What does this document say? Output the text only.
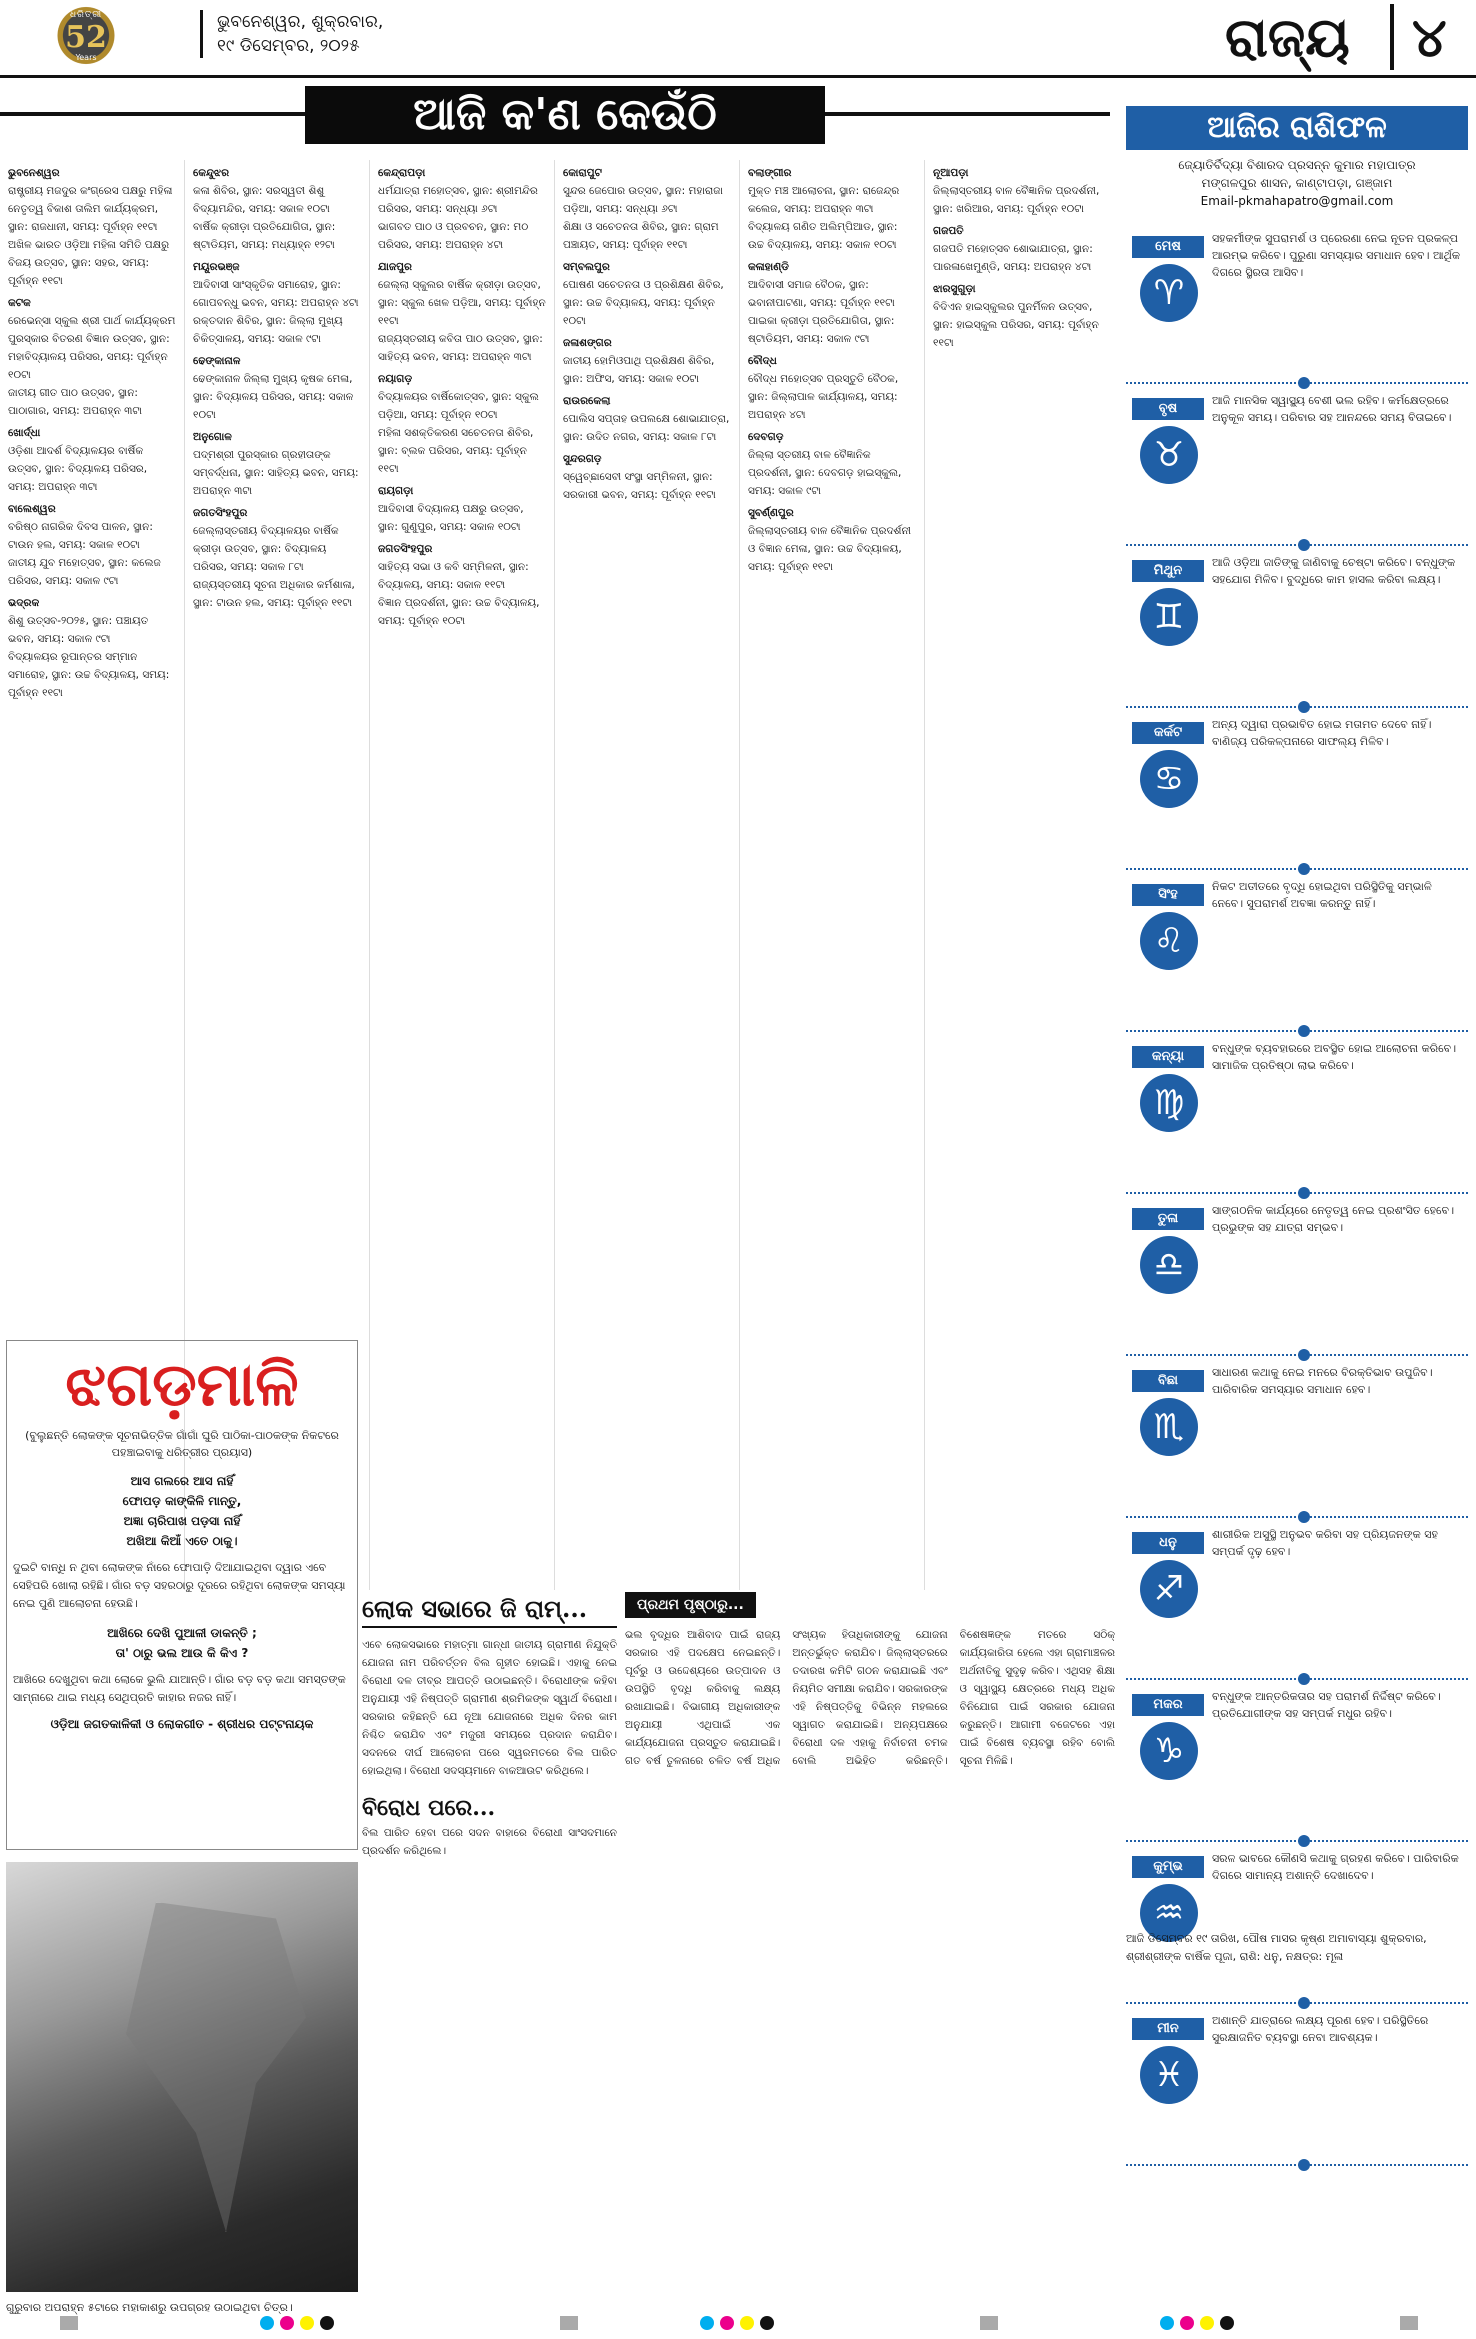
ଧରିତ୍ରୀ
52
Years
ଭୁବନେଶ୍ୱର, ଶୁକ୍ରବାର,
୧୯ ଡିସେମ୍ବର, ୨୦୨୫	ରାଜ୍ୟ	୪
ଆଜି କ'ଣ କେଉଁଠି
ଭୁବନେଶ୍ୱର
ରାଷ୍ଟ୍ରୀୟ ମଜଦୁର କଂଗ୍ରେସ ପକ୍ଷରୁ ମହିଳା ନେତୃତ୍ୱ ବିକାଶ ତାଲିମ କାର୍ଯ୍ୟକ୍ରମ, ସ୍ଥାନ: ରାଜଧାନୀ, ସମୟ: ପୂର୍ବାହ୍ନ ୧୧ଟା
ଅଖିଳ ଭାରତ ଓଡ଼ିଆ ମହିଳା ସମିତି ପକ୍ଷରୁ ବିଜୟ ଉତ୍ସବ, ସ୍ଥାନ: ସହର, ସମୟ: ପୂର୍ବାହ୍ନ ୧୧ଟା
କଟକ
ରେଭେନ୍ସା ସ୍କୁଲ ଶ୍ରୀ ପାର୍ଥ କାର୍ଯ୍ୟକ୍ରମ ପୁରସ୍କାର ବିତରଣ ବିଜ୍ଞାନ ଉତ୍ସବ, ସ୍ଥାନ: ମହାବିଦ୍ୟାଳୟ ପରିସର, ସମୟ: ପୂର୍ବାହ୍ନ ୧୦ଟା
ଜାତୀୟ ଗୀତ ପାଠ ଉତ୍ସବ, ସ୍ଥାନ: ପାଠାଗାର, ସମୟ: ଅପରାହ୍ନ ୩ଟା
ଖୋର୍ଦ୍ଧା
ଓଡ଼ିଶା ଆଦର୍ଶ ବିଦ୍ୟାଳୟର ବାର୍ଷିକ ଉତ୍ସବ, ସ୍ଥାନ: ବିଦ୍ୟାଳୟ ପରିସର, ସମୟ: ଅପରାହ୍ନ ୩ଟା
ବାଲେଶ୍ୱର
ବରିଷ୍ଠ ନାଗରିକ ଦିବସ ପାଳନ, ସ୍ଥାନ: ଟାଉନ ହଲ, ସମୟ: ସକାଳ ୧୦ଟା
ଜାତୀୟ ଯୁବ ମହୋତ୍ସବ, ସ୍ଥାନ: କଲେଜ ପରିସର, ସମୟ: ସକାଳ ୯ଟା
ଭଦ୍ରକ
ଶିଶୁ ଉତ୍ସବ-୨୦୨୫, ସ୍ଥାନ: ପଞ୍ଚାୟତ ଭବନ, ସମୟ: ସକାଳ ୯ଟା
ବିଦ୍ୟାଳୟର ରୂପାନ୍ତର ସମ୍ମାନ ସମାରୋହ, ସ୍ଥାନ: ଉଚ୍ଚ ବିଦ୍ୟାଳୟ, ସମୟ: ପୂର୍ବାହ୍ନ ୧୧ଟା
କେନ୍ଦୁଝର
କଳା ଶିବିର, ସ୍ଥାନ: ସରସ୍ୱତୀ ଶିଶୁ ବିଦ୍ୟାମନ୍ଦିର, ସମୟ: ସକାଳ ୧୦ଟା
ବାର୍ଷିକ କ୍ରୀଡ଼ା ପ୍ରତିଯୋଗିତା, ସ୍ଥାନ: ଷ୍ଟାଡିୟମ, ସମୟ: ମଧ୍ୟାହ୍ନ ୧୨ଟା
ମୟୂରଭଞ୍ଜ
ଆଦିବାସୀ ସାଂସ୍କୃତିକ ସମାରୋହ, ସ୍ଥାନ: ଗୋପବନ୍ଧୁ ଭବନ, ସମୟ: ଅପରାହ୍ନ ୪ଟା
ରକ୍ତଦାନ ଶିବିର, ସ୍ଥାନ: ଜିଲ୍ଲା ମୁଖ୍ୟ ଚିକିତ୍ସାଳୟ, ସମୟ: ସକାଳ ୯ଟା
ଢେଙ୍କାନାଳ
ଢେଙ୍କାନାଳ ଜିଲ୍ଲା ମୁଖ୍ୟ କୃଷକ ମେଳା, ସ୍ଥାନ: ବିଦ୍ୟାଳୟ ପରିସର, ସମୟ: ସକାଳ ୧୦ଟା
ଅନୁଗୋଳ
ପଦ୍ମଶ୍ରୀ ପୁରସ୍କାର ଗ୍ରହୀତାଙ୍କ ସମ୍ବର୍ଦ୍ଧନା, ସ୍ଥାନ: ସାହିତ୍ୟ ଭବନ, ସମୟ: ଅପରାହ୍ନ ୩ଟା
ଜଗତସିଂହପୁର
ଜେଲ୍ଲାସ୍ତରୀୟ ବିଦ୍ୟାଳୟର ବାର୍ଷିକ କ୍ରୀଡ଼ା ଉତ୍ସବ, ସ୍ଥାନ: ବିଦ୍ୟାଳୟ ପରିସର, ସମୟ: ସକାଳ ୮ଟା
ରାଜ୍ୟସ୍ତରୀୟ ସୂଚନା ଅଧିକାର କର୍ମଶାଳା, ସ୍ଥାନ: ଟାଉନ ହଲ, ସମୟ: ପୂର୍ବାହ୍ନ ୧୧ଟା
କେନ୍ଦ୍ରାପଡ଼ା
ଧର୍ମଯାତ୍ରା ମହୋତ୍ସବ, ସ୍ଥାନ: ଶ୍ରୀମନ୍ଦିର ପରିସର, ସମୟ: ସନ୍ଧ୍ୟା ୬ଟା
ଭାଗବତ ପାଠ ଓ ପ୍ରବଚନ, ସ୍ଥାନ: ମଠ ପରିସର, ସମୟ: ଅପରାହ୍ନ ୪ଟା
ଯାଜପୁର
ଜେଲ୍ଲା ସ୍କୁଲର ବାର୍ଷିକ କ୍ରୀଡ଼ା ଉତ୍ସବ, ସ୍ଥାନ: ସ୍କୁଲ ଖେଳ ପଡ଼ିଆ, ସମୟ: ପୂର୍ବାହ୍ନ ୧୧ଟା
ରାଜ୍ୟସ୍ତରୀୟ କବିତା ପାଠ ଉତ୍ସବ, ସ୍ଥାନ: ସାହିତ୍ୟ ଭବନ, ସମୟ: ଅପରାହ୍ନ ୩ଟା
ନୟାଗଡ଼
ବିଦ୍ୟାଳୟର ବାର୍ଷିକୋତ୍ସବ, ସ୍ଥାନ: ସ୍କୁଲ ପଡ଼ିଆ, ସମୟ: ପୂର୍ବାହ୍ନ ୧୦ଟା
ମହିଳା ସଶକ୍ତିକରଣ ସଚେତନତା ଶିବିର, ସ୍ଥାନ: ବ୍ଲକ ପରିସର, ସମୟ: ପୂର୍ବାହ୍ନ ୧୧ଟା
ରାୟଗଡ଼ା
ଆଦିବାସୀ ବିଦ୍ୟାଳୟ ପକ୍ଷରୁ ଉତ୍ସବ, ସ୍ଥାନ: ଗୁଣୁପୁର, ସମୟ: ସକାଳ ୧୦ଟା
ଜଗତସିଂହପୁର
ସାହିତ୍ୟ ସଭା ଓ କବି ସମ୍ମିଳନୀ, ସ୍ଥାନ: ବିଦ୍ୟାଳୟ, ସମୟ: ସକାଳ ୧୧ଟା
ବିଜ୍ଞାନ ପ୍ରଦର୍ଶନୀ, ସ୍ଥାନ: ଉଚ୍ଚ ବିଦ୍ୟାଳୟ, ସମୟ: ପୂର୍ବାହ୍ନ ୧୦ଟା
କୋରାପୁଟ
ସୁନ୍ଦର ଜେପୋର ଉତ୍ସବ, ସ୍ଥାନ: ମହାରାଜା ପଡ଼ିଆ, ସମୟ: ସନ୍ଧ୍ୟା ୬ଟା
ଶିକ୍ଷା ଓ ସଚେତନତା ଶିବିର, ସ୍ଥାନ: ଗ୍ରାମ ପଞ୍ଚାୟତ, ସମୟ: ପୂର୍ବାହ୍ନ ୧୧ଟା
ସମ୍ବଲପୁର
ପୋଷଣ ସଚେତନତା ଓ ପ୍ରଶିକ୍ଷଣ ଶିବିର, ସ୍ଥାନ: ଉଚ୍ଚ ବିଦ୍ୟାଳୟ, ସମୟ: ପୂର୍ବାହ୍ନ ୧୦ଟା
ଜଳାଶଙ୍ଗର
ଜାତୀୟ ହୋମିଓପାଥି ପ୍ରଶିକ୍ଷଣ ଶିବିର, ସ୍ଥାନ: ଅଫିସ, ସମୟ: ସକାଳ ୧୦ଟା
ରାଉରକେଲା
ପୋଲିସ ସପ୍ତାହ ଉପଲକ୍ଷେ ଶୋଭାଯାତ୍ରା, ସ୍ଥାନ: ଉଦିତ ନଗର, ସମୟ: ସକାଳ ୮ଟା
ସୁନ୍ଦରଗଡ଼
ସ୍ୱେଚ୍ଛାସେବୀ ସଂସ୍ଥା ସମ୍ମିଳନୀ, ସ୍ଥାନ: ସରକାରୀ ଭବନ, ସମୟ: ପୂର୍ବାହ୍ନ ୧୧ଟା
ବଲାଙ୍ଗୀର
ମୁକ୍ତ ମଞ୍ଚ ଆଲୋଚନା, ସ୍ଥାନ: ରାଜେନ୍ଦ୍ର କଲେଜ, ସମୟ: ଅପରାହ୍ନ ୩ଟା
ବିଦ୍ୟାଳୟ ଗଣିତ ଅଲିମ୍ପିଆଡ, ସ୍ଥାନ: ଉଚ୍ଚ ବିଦ୍ୟାଳୟ, ସମୟ: ସକାଳ ୧୦ଟା
କଳାହାଣ୍ଡି
ଆଦିବାସୀ ସମାଜ ବୈଠକ, ସ୍ଥାନ: ଭବାନୀପାଟଣା, ସମୟ: ପୂର୍ବାହ୍ନ ୧୧ଟା
ପାଇକା କ୍ରୀଡ଼ା ପ୍ରତିଯୋଗିତା, ସ୍ଥାନ: ଷ୍ଟାଡିୟମ, ସମୟ: ସକାଳ ୯ଟା
ବୌଦ୍ଧ
ବୌଦ୍ଧ ମହୋତ୍ସବ ପ୍ରସ୍ତୁତି ବୈଠକ, ସ୍ଥାନ: ଜିଲ୍ଲାପାଳ କାର୍ଯ୍ୟାଳୟ, ସମୟ: ଅପରାହ୍ନ ୪ଟା
ଦେବଗଡ଼
ଜିଲ୍ଲା ସ୍ତରୀୟ ବାଳ ବୈଜ୍ଞାନିକ ପ୍ରଦର୍ଶନୀ, ସ୍ଥାନ: ଦେବଗଡ଼ ହାଇସ୍କୁଲ, ସମୟ: ସକାଳ ୯ଟା
ସୁବର୍ଣ୍ଣପୁର
ଜିଲ୍ଲାସ୍ତରୀୟ ବାଳ ବୈଜ୍ଞାନିକ ପ୍ରଦର୍ଶନୀ ଓ ବିଜ୍ଞାନ ମେଳା, ସ୍ଥାନ: ଉଚ୍ଚ ବିଦ୍ୟାଳୟ, ସମୟ: ପୂର୍ବାହ୍ନ ୧୧ଟା
ନୂଆପଡ଼ା
ଜିଲ୍ଲାସ୍ତରୀୟ ବାଳ ବୈଜ୍ଞାନିକ ପ୍ରଦର୍ଶନୀ, ସ୍ଥାନ: ଖରିଆର, ସମୟ: ପୂର୍ବାହ୍ନ ୧୦ଟା
ଗଜପତି
ଗଜପତି ମହୋତ୍ସବ ଶୋଭାଯାତ୍ରା, ସ୍ଥାନ: ପାରଳାଖେମୁଣ୍ଡି, ସମୟ: ଅପରାହ୍ନ ୪ଟା
ଝାରସୁଗୁଡ଼ା
ବିଦିଏନ ହାଇସ୍କୁଲର ପୁନର୍ମିଳନ ଉତ୍ସବ, ସ୍ଥାନ: ହାଇସ୍କୁଲ ପରିସର, ସମୟ: ପୂର୍ବାହ୍ନ ୧୧ଟା
ଆଜିର ରାଶିଫଳ
ଜ୍ୟୋତିର୍ବିଦ୍ୟା ବିଶାରଦ ପ୍ରସନ୍ନ କୁମାର ମହାପାତ୍ର
ମଙ୍ଗଳପୁର ଶାସନ, କାଣ୍ଟାପଡ଼ା, ଗଞ୍ଜାମ
Email-pkmahapatro@gmail.com
ମେଷ
♈
ସହକର୍ମୀଙ୍କ ସୁପରାମର୍ଶ ଓ ପ୍ରେରଣା ନେଇ ନୂତନ ପ୍ରକଳ୍ପ ଆରମ୍ଭ କରିବେ। ପୁରୁଣା ସମସ୍ୟାର ସମାଧାନ ହେବ। ଆର୍ଥିକ ଦିଗରେ ସ୍ଥିରତା ଆସିବ।
ବୃଷ
♉
ଆଜି ମାନସିକ ସ୍ୱାସ୍ଥ୍ୟ ବେଶୀ ଭଲ ରହିବ। କର୍ମକ୍ଷେତ୍ରରେ ଅନୁକୂଳ ସମୟ। ପରିବାର ସହ ଆନନ୍ଦରେ ସମୟ ବିତାଇବେ।
ମିଥୁନ
♊
ଆଜି ଓଡ଼ିଆ ଜାତିଙ୍କୁ ଜାଣିବାକୁ ଚେଷ୍ଟା କରିବେ। ବନ୍ଧୁଙ୍କ ସହଯୋଗ ମିଳିବ। ବୁଦ୍ଧିରେ କାମ ହାସଲ କରିବା ଲକ୍ଷ୍ୟ।
କର୍କଟ
♋
ଅନ୍ୟ ଦ୍ୱାରା ପ୍ରଭାବିତ ହୋଇ ମତାମତ ଦେବେ ନାହିଁ। ବାଣିଜ୍ୟ ପରିକଳ୍ପନାରେ ସାଫଲ୍ୟ ମିଳିବ।
ସିଂହ
♌
ନିକଟ ଅତୀତରେ ବୃଦ୍ଧି ହୋଇଥିବା ପରିସ୍ଥିତିକୁ ସମ୍ଭାଳି ନେବେ। ସୁପରାମର୍ଶ ଅବଜ୍ଞା କରନ୍ତୁ ନାହିଁ।
କନ୍ୟା
♍
ବନ୍ଧୁଙ୍କ ବ୍ୟବହାରରେ ଅବସ୍ଥିତ ହୋଇ ଆଲୋଚନା କରିବେ। ସାମାଜିକ ପ୍ରତିଷ୍ଠା ଲାଭ କରିବେ।
ତୁଳା
♎
ସାଙ୍ଗଠନିକ କାର୍ଯ୍ୟରେ ନେତୃତ୍ୱ ନେଇ ପ୍ରଶଂସିତ ହେବେ। ପ୍ରଭୁଙ୍କ ସହ ଯାତ୍ରା ସମ୍ଭବ।
ବିଛା
♏
ସାଧାରଣ କଥାକୁ ନେଇ ମନରେ ବିରକ୍ତିଭାବ ଉପୁଜିବ। ପାରିବାରିକ ସମସ୍ୟାର ସମାଧାନ ହେବ।
ଧନୁ
♐
ଶାରୀରିକ ଅସୁସ୍ଥି ଅନୁଭବ କରିବା ସହ ପ୍ରିୟଜନଙ୍କ ସହ ସମ୍ପର୍କ ଦୃଢ଼ ହେବ।
ମକର
♑
ବନ୍ଧୁଙ୍କ ଆନ୍ତରିକତାର ସହ ପରାମର୍ଶ ନିର୍ଦ୍ଦିଷ୍ଟ କରିବେ। ପ୍ରତିଯୋଗୀଙ୍କ ସହ ସମ୍ପର୍କ ମଧୁର ରହିବ।
କୁମ୍ଭ
♒
ସରଳ ଭାବରେ କୌଣସି କଥାକୁ ଗ୍ରହଣ କରିବେ। ପାରିବାରିକ ଦିଗରେ ସାମାନ୍ୟ ଅଶାନ୍ତି ଦେଖାଦେବ।
ମୀନ
♓
ଅଶାନ୍ତି ଯାତ୍ରାରେ ଲକ୍ଷ୍ୟ ପୂରଣ ହେବ। ପରିସ୍ଥିତିରେ ସୁରକ୍ଷାଜନିତ ବ୍ୟବସ୍ଥା ନେବା ଆବଶ୍ୟକ।
ଆଜି ଡିସେମ୍ବର ୧୯ ତାରିଖ, ପୌଷ ମାସର କୃଷ୍ଣ ଅମାବାସ୍ୟା ଶୁକ୍ରବାର, ଶ୍ରୀଶ୍ରୀଙ୍କ ବାର୍ଷିକ ପୂଜା, ରାଶି: ଧନୁ, ନକ୍ଷତ୍ର: ମୂଳା
ଝଗଡ଼ମାଳି
(ବୁଲୁଛନ୍ତି ଲୋକଙ୍କ ସୂଚନାଭିତ୍ତିକ ଗାଁଗାଁ ଘୁରି ପାଠିକା-ପାଠକଙ୍କ ନିକଟରେ ପହଞ୍ଚାଇବାକୁ ଧରିତ୍ରୀର ପ୍ରୟାସ)
ଆସ ଗଲରେ ଆସ ନାହିଁ
ଫୋପଡ଼ କାଙ୍କିଳି ମାନ୍ତୁ,
ଅଜ୍ଞା ଚାରିପାଖ ପଡ଼ସା ନାହିଁ
ଅଖିଆ କିଆଁ ଏତେ ଠାକୁ।
ଦୁଇଟି ବାନ୍ଧି ନ ଥିବା ଲୋକଙ୍କ ନାଁରେ ଫୋପାଡ଼ି ଦିଆଯାଇଥିବା ଦ୍ୱାର ଏବେ ସେହିପରି ଖୋଲା ରହିଛି। ଗାଁର ବଡ଼ ସହରଠାରୁ ଦୂରରେ ରହିଥିବା ଲୋକଙ୍କ ସମସ୍ୟା ନେଇ ପୁଣି ଆଲୋଚନା ହେଉଛି।
ଆଖିରେ ଦେଖି ପୁଆଳୀ ଡାକନ୍ତି ;
ତା' ଠାରୁ ଭଲ ଆଉ କି କିଏ ?
ଆଖିରେ ଦେଖୁଥିବା କଥା ଲୋକେ ଭୁଲି ଯାଆନ୍ତି। ଗାଁର ବଡ଼ ବଡ଼ କଥା ସମସ୍ତଙ୍କ ସାମ୍ନାରେ ଥାଇ ମଧ୍ୟ ସେଥିପ୍ରତି କାହାର ନଜର ନାହିଁ।
ଓଡ଼ିଆ ଜଗତକାଳିକୀ ଓ ଲୋକଗୀତ - ଶ୍ରୀଧର ପଟ୍ଟନାୟକ
ଗୁରୁବାର ଅପରାହ୍ନ ୫ଟାରେ ମହାକାଶରୁ ଉପଗ୍ରହ ଉଠାଇଥିବା ଚିତ୍ର।
ଲୋକ ସଭାରେ ଜି ରାମ୍...
ଏବେ ଲୋକସଭାରେ ମହାତ୍ମା ଗାନ୍ଧୀ ଜାତୀୟ ଗ୍ରାମୀଣ ନିଯୁକ୍ତି ଯୋଜନା ନାମ ପରିବର୍ତ୍ତନ ବିଲ ଗୃହୀତ ହୋଇଛି। ଏହାକୁ ନେଇ ବିରୋଧୀ ଦଳ ତୀବ୍ର ଆପତ୍ତି ଉଠାଇଛନ୍ତି। ବିରୋଧୀଙ୍କ କହିବା ଅନୁଯାୟୀ ଏହି ନିଷ୍ପତ୍ତି ଗ୍ରାମୀଣ ଶ୍ରମିକଙ୍କ ସ୍ୱାର୍ଥ ବିରୋଧୀ। ସରକାର କହିଛନ୍ତି ଯେ ନୂଆ ଯୋଜନାରେ ଅଧିକ ଦିନର କାମ ନିଶ୍ଚିତ କରାଯିବ ଏବଂ ମଜୁରୀ ସମୟରେ ପ୍ରଦାନ କରାଯିବ। ସଦନରେ ଦୀର୍ଘ ଆଲୋଚନା ପରେ ସ୍ୱରମତରେ ବିଲ ପାରିତ ହୋଇଥିଲା। ବିରୋଧୀ ସଦସ୍ୟମାନେ ବାକଆଉଟ କରିଥିଲେ।
ବିରୋଧ ପରେ...
ବିଲ ପାରିତ ହେବା ପରେ ସଦନ ବାହାରେ ବିରୋଧୀ ସାଂସଦମାନେ ପ୍ରଦର୍ଶନ କରିଥିଲେ।
ପ୍ରଥମ ପୃଷ୍ଠାରୁ...
ଭଲ ବୃଦ୍ଧିର ଆଶିବାଦ ପାଇଁ ରାଜ୍ୟ ସରକାର ଏହି ପଦକ୍ଷେପ ନେଇଛନ୍ତି। ପୂର୍ବରୁ ଓ ଉଦ୍ଦେଶ୍ୟରେ ଉତ୍ପାଦନ ଓ ଉପସ୍ଥିତି ବୃଦ୍ଧି କରିବାକୁ ଲକ୍ଷ୍ୟ ରଖାଯାଇଛି। ବିଭାଗୀୟ ଅଧିକାରୀଙ୍କ ଅନୁଯାୟୀ ଏଥିପାଇଁ ଏକ କାର୍ଯ୍ୟଯୋଜନା ପ୍ରସ୍ତୁତ କରାଯାଇଛି। ଗତ ବର୍ଷ ତୁଳନାରେ ଚଳିତ ବର୍ଷ ଅଧିକ ସଂଖ୍ୟକ ହିତାଧିକାରୀଙ୍କୁ ଯୋଜନା ଅନ୍ତର୍ଭୁକ୍ତ କରାଯିବ। ଜିଲ୍ଲାସ୍ତରରେ ତଦାରଖ କମିଟି ଗଠନ କରାଯାଇଛି ଏବଂ ନିୟମିତ ସମୀକ୍ଷା କରାଯିବ। ସରକାରଙ୍କ ଏହି ନିଷ୍ପତ୍ତିକୁ ବିଭିନ୍ନ ମହଲରେ ସ୍ୱାଗତ କରାଯାଇଛି। ଅନ୍ୟପକ୍ଷରେ ବିରୋଧୀ ଦଳ ଏହାକୁ ନିର୍ବାଚନୀ ଚମକ ବୋଲି ଅଭିହିତ କରିଛନ୍ତି। ବିଶେଷଜ୍ଞଙ୍କ ମତରେ ସଠିକ୍ କାର୍ଯ୍ୟକାରିତା ହେଲେ ଏହା ଗ୍ରାମାଞ୍ଚଳର ଅର୍ଥନୀତିକୁ ସୁଦୃଢ଼ କରିବ। ଏଥିସହ ଶିକ୍ଷା ଓ ସ୍ୱାସ୍ଥ୍ୟ କ୍ଷେତ୍ରରେ ମଧ୍ୟ ଅଧିକ ବିନିଯୋଗ ପାଇଁ ସରକାର ଯୋଜନା କରୁଛନ୍ତି। ଆଗାମୀ ବଜେଟରେ ଏହା ପାଇଁ ବିଶେଷ ବ୍ୟବସ୍ଥା ରହିବ ବୋଲି ସୂଚନା ମିଳିଛି।
